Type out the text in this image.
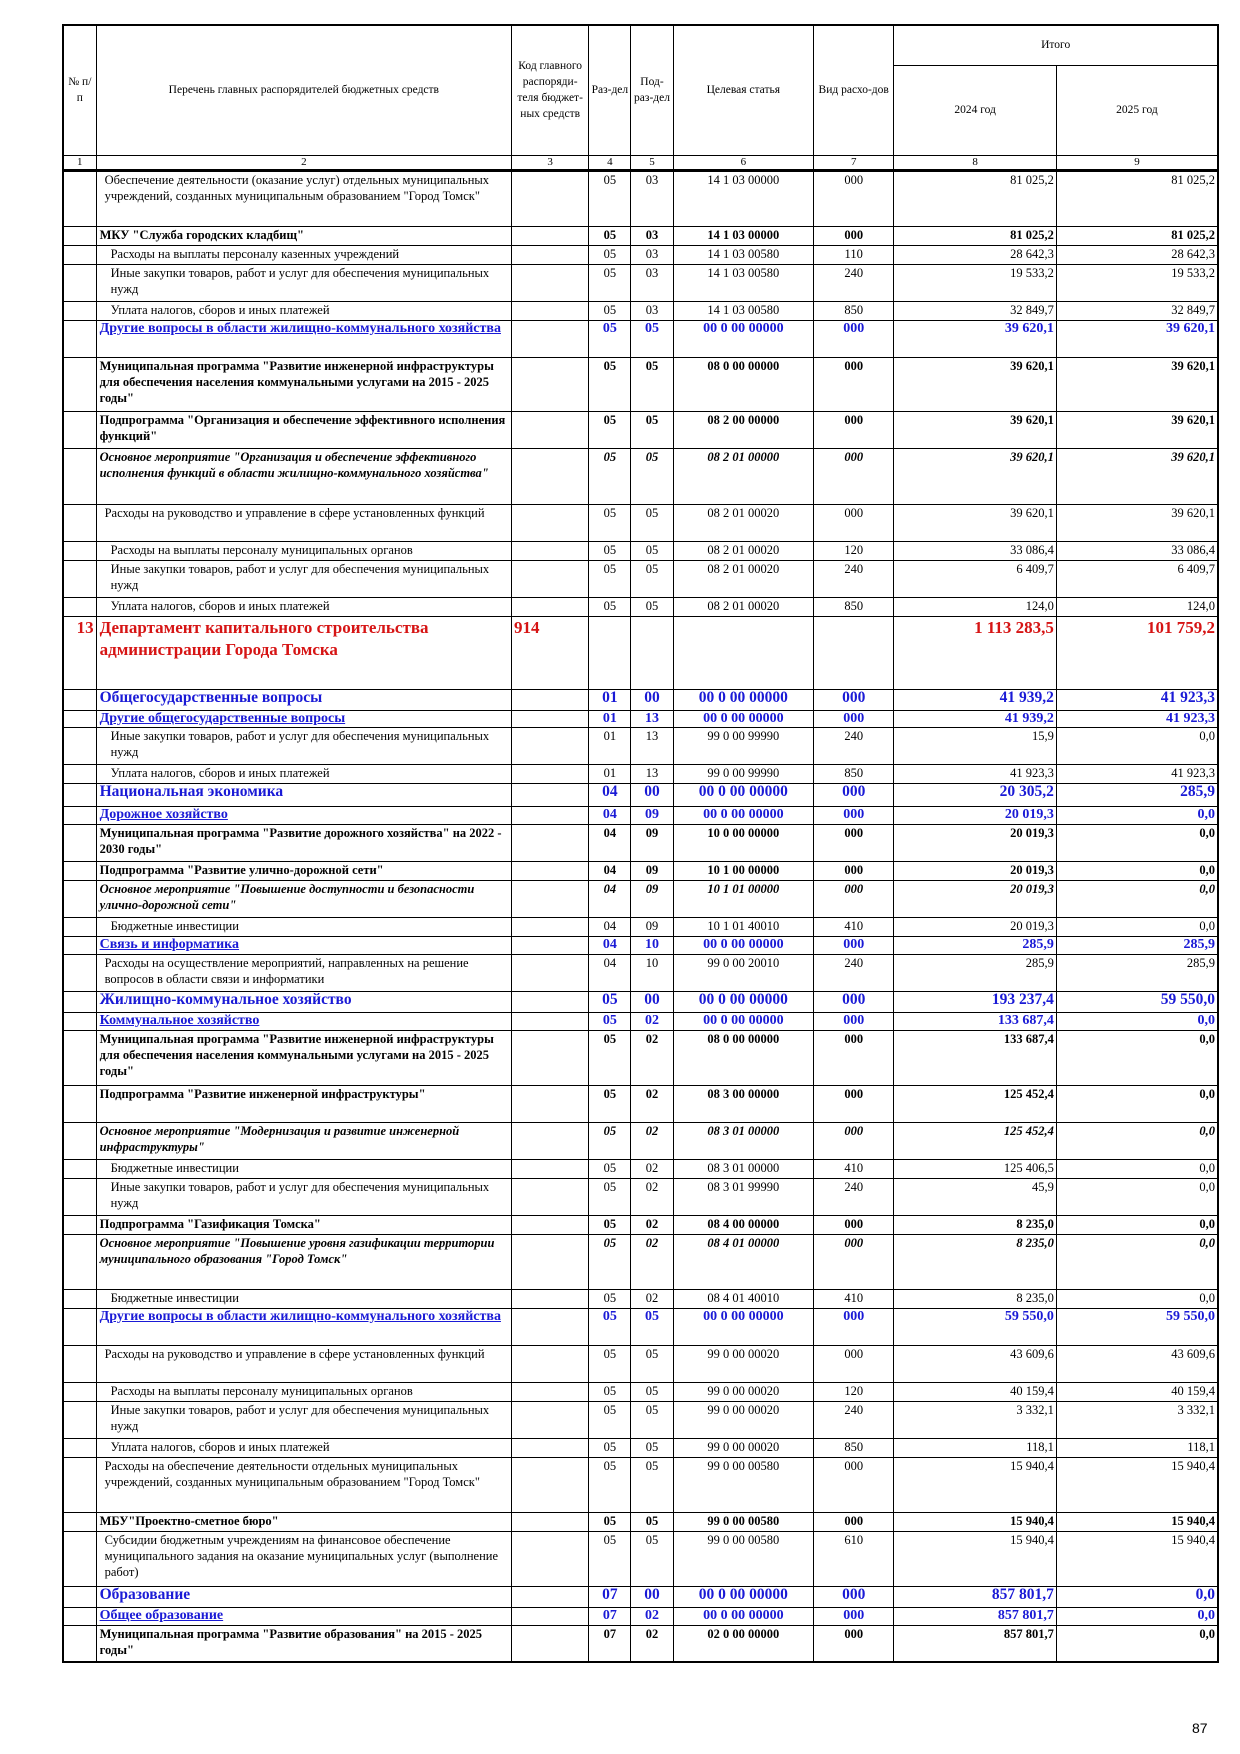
№ п/п	Перечень главных распорядителей бюджетных средств	Код главного распоряди-теля бюджет-ных средств	Раз-дел	Под-раз-дел	Целевая статья	Вид расхо-дов	Итого	
							2024 год	2025 год
1	2	3	4	5	6	7	8	9
	Обеспечение деятельности (оказание услуг) отдельных муниципальных учреждений, созданных муниципальным образованием "Город Томск"		05	03	14 1 03 00000	000	81 025,2	81 025,2
	МКУ "Служба городских кладбищ"		05	03	14 1 03 00000	000	81 025,2	81 025,2
	Расходы на выплаты персоналу казенных учреждений		05	03	14 1 03 00580	110	28 642,3	28 642,3
	Иные закупки товаров, работ и услуг для обеспечения муниципальных нужд		05	03	14 1 03 00580	240	19 533,2	19 533,2
	Уплата налогов, сборов и иных платежей		05	03	14 1 03 00580	850	32 849,7	32 849,7
	Другие вопросы в области жилищно-коммунального хозяйства		05	05	00 0 00 00000	000	39 620,1	39 620,1
	Муниципальная программа "Развитие инженерной инфраструктуры для обеспечения населения коммунальными услугами на 2015 - 2025 годы"		05	05	08 0 00 00000	000	39 620,1	39 620,1
	Подпрограмма "Организация и обеспечение эффективного исполнения функций"		05	05	08 2 00 00000	000	39 620,1	39 620,1
	Основное мероприятие "Организация и обеспечение эффективного исполнения функций в области жилищно-коммунального хозяйства"		05	05	08 2 01 00000	000	39 620,1	39 620,1
	Расходы на руководство и управление в сфере установленных функций		05	05	08 2 01 00020	000	39 620,1	39 620,1
	Расходы на выплаты персоналу муниципальных органов		05	05	08 2 01 00020	120	33 086,4	33 086,4
	Иные закупки товаров, работ и услуг для обеспечения муниципальных нужд		05	05	08 2 01 00020	240	6 409,7	6 409,7
	Уплата налогов, сборов и иных платежей		05	05	08 2 01 00020	850	124,0	124,0
13	Департамент капитального строительства администрации Города Томска	914					1 113 283,5	101 759,2
	Общегосударственные вопросы		01	00	00 0 00 00000	000	41 939,2	41 923,3
	Другие общегосударственные вопросы		01	13	00 0 00 00000	000	41 939,2	41 923,3
	Иные закупки товаров, работ и услуг для обеспечения муниципальных нужд		01	13	99 0 00 99990	240	15,9	0,0
	Уплата налогов, сборов и иных платежей		01	13	99 0 00 99990	850	41 923,3	41 923,3
	Национальная экономика		04	00	00 0 00 00000	000	20 305,2	285,9
	Дорожное хозяйство		04	09	00 0 00 00000	000	20 019,3	0,0
	Муниципальная программа "Развитие дорожного хозяйства" на 2022 - 2030 годы"		04	09	10 0 00 00000	000	20 019,3	0,0
	Подпрограмма "Развитие улично-дорожной сети"		04	09	10 1 00 00000	000	20 019,3	0,0
	Основное мероприятие "Повышение доступности и безопасности улично-дорожной сети"		04	09	10 1 01 00000	000	20 019,3	0,0
	Бюджетные инвестиции		04	09	10 1 01 40010	410	20 019,3	0,0
	Связь и информатика		04	10	00 0 00 00000	000	285,9	285,9
	Расходы на осуществление мероприятий, направленных на решение вопросов в области связи и информатики		04	10	99 0 00 20010	240	285,9	285,9
	Жилищно-коммунальное хозяйство		05	00	00 0 00 00000	000	193 237,4	59 550,0
	Коммунальное хозяйство		05	02	00 0 00 00000	000	133 687,4	0,0
	Муниципальная программа "Развитие инженерной инфраструктуры для обеспечения населения коммунальными услугами на 2015 - 2025 годы"		05	02	08 0 00 00000	000	133 687,4	0,0
	Подпрограмма "Развитие инженерной инфраструктуры"		05	02	08 3 00 00000	000	125 452,4	0,0
	Основное мероприятие "Модернизация и развитие инженерной инфраструктуры"		05	02	08 3 01 00000	000	125 452,4	0,0
	Бюджетные инвестиции		05	02	08 3 01 00000	410	125 406,5	0,0
	Иные закупки товаров, работ и услуг для обеспечения муниципальных нужд		05	02	08 3 01 99990	240	45,9	0,0
	Подпрограмма "Газификация Томска"		05	02	08 4 00 00000	000	8 235,0	0,0
	Основное мероприятие "Повышение уровня газификации территории муниципального образования "Город Томск"		05	02	08 4 01 00000	000	8 235,0	0,0
	Бюджетные инвестиции		05	02	08 4 01 40010	410	8 235,0	0,0
	Другие вопросы в области жилищно-коммунального хозяйства		05	05	00 0 00 00000	000	59 550,0	59 550,0
	Расходы на руководство и управление в сфере установленных функций		05	05	99 0 00 00020	000	43 609,6	43 609,6
	Расходы на выплаты персоналу муниципальных органов		05	05	99 0 00 00020	120	40 159,4	40 159,4
	Иные закупки товаров, работ и услуг для обеспечения муниципальных нужд		05	05	99 0 00 00020	240	3 332,1	3 332,1
	Уплата налогов, сборов и иных платежей		05	05	99 0 00 00020	850	118,1	118,1
	Расходы на обеспечение деятельности отдельных муниципальных учреждений, созданных муниципальным образованием "Город Томск"		05	05	99 0 00 00580	000	15 940,4	15 940,4
	МБУ"Проектно-сметное бюро"		05	05	99 0 00 00580	000	15 940,4	15 940,4
	Субсидии бюджетным учреждениям на финансовое обеспечение муниципального задания на оказание муниципальных услуг (выполнение работ)		05	05	99 0 00 00580	610	15 940,4	15 940,4
	Образование		07	00	00 0 00 00000	000	857 801,7	0,0
	Общее образование		07	02	00 0 00 00000	000	857 801,7	0,0
	Муниципальная программа "Развитие образования" на 2015 - 2025 годы"		07	02	02 0 00 00000	000	857 801,7	0,0
87
